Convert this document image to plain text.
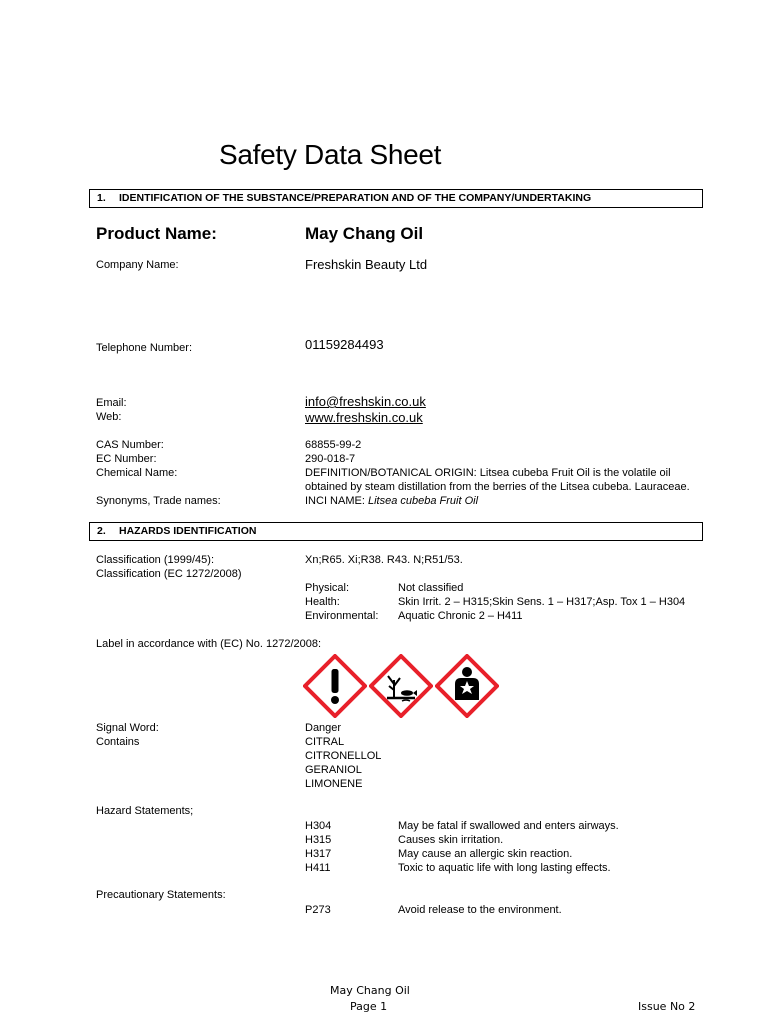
Safety Data Sheet
1. IDENTIFICATION OF THE SUBSTANCE/PREPARATION AND OF THE COMPANY/UNDERTAKING
Product Name:	May Chang Oil
Company Name:	Freshskin Beauty Ltd
Telephone Number:	01159284493
Email:	info@freshskin.co.uk
Web:	www.freshskin.co.uk
CAS Number:	68855-99-2
EC Number:	290-018-7
Chemical Name:	DEFINITION/BOTANICAL ORIGIN: Litsea cubeba Fruit Oil is the volatile oil
obtained by steam distillation from the berries of the Litsea cubeba. Lauraceae.
Synonyms, Trade names:	INCI NAME: Litsea cubeba Fruit Oil
2. HAZARDS IDENTIFICATION
Classification (1999/45):	Xn;R65. Xi;R38. R43. N;R51/53.
Classification (EC 1272/2008)
Physical:	Not classified
Health:	Skin Irrit. 2 – H315;Skin Sens. 1 – H317;Asp. Tox 1 – H304
Environmental: Aquatic Chronic 2 – H411
Label in accordance with (EC) No. 1272/2008:
Signal Word:	Danger
Contains	CITRAL
CITRONELLOL
GERANIOL
LIMONENE
Hazard Statements;
H304	May be fatal if swallowed and enters airways.
H315	Causes skin irritation.
H317	May cause an allergic skin reaction.
H411	Toxic to aquatic life with long lasting effects.
Precautionary Statements:
P273	Avoid release to the environment.
May Chang Oil
Page 1	Issue No 2
